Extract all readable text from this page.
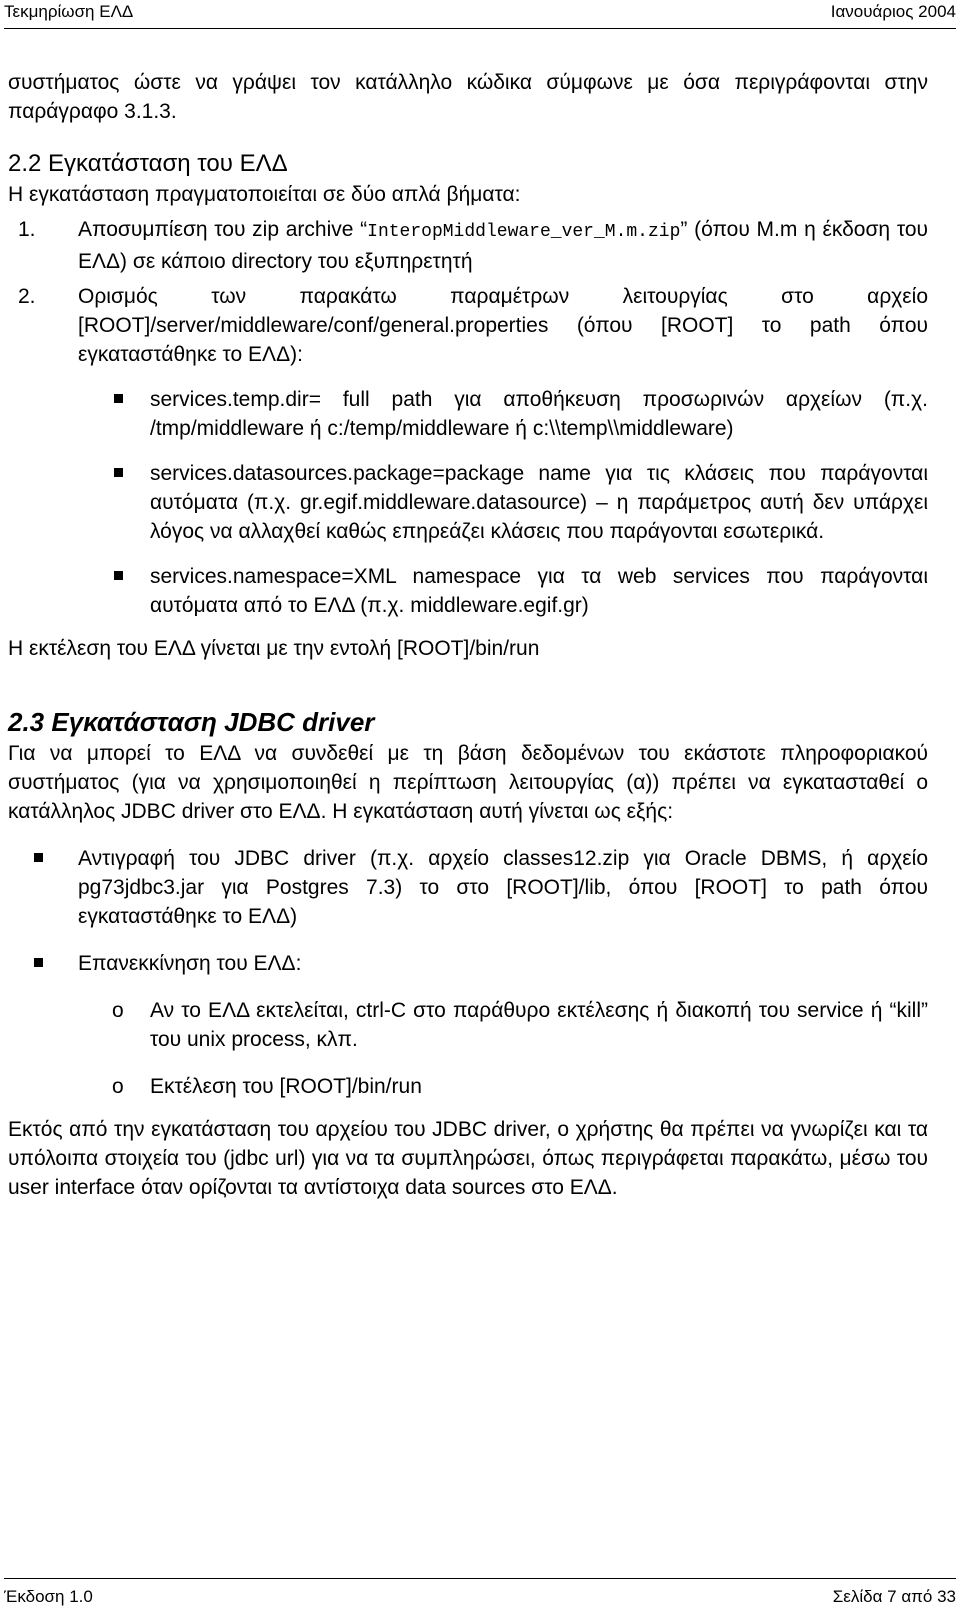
Τεκμηρίωση ΕΛΔ	Ιανουάριος 2004

συστήματος ώστε να γράψει τον κατάλληλο κώδικα σύμφωνε με όσα περιγράφονται στην παράγραφο 3.1.3.

2.2 Εγκατάσταση του ΕΛΔ

Η εγκατάσταση πραγματοποιείται σε δύο απλά βήματα:

1. Αποσυμπίεση του zip archive “InteropMiddleware_ver_M.m.zip” (όπου M.m η έκδοση του ΕΛΔ) σε κάποιο directory του εξυπηρετητή

2. Ορισμός των παρακάτω παραμέτρων λειτουργίας στο αρχείο [ROOT]/server/middleware/conf/general.properties (όπου [ROOT] το path όπου εγκαταστάθηκε το ΕΛΔ):

services.temp.dir= full path για αποθήκευση προσωρινών αρχείων (π.χ. /tmp/middleware ή c:/temp/middleware ή c:\\temp\\middleware)

services.datasources.package=package name για τις κλάσεις που παράγονται αυτόματα (π.χ. gr.egif.middleware.datasource) – η παράμετρος αυτή δεν υπάρχει λόγος να αλλαχθεί καθώς επηρεάζει κλάσεις που παράγονται εσωτερικά.

services.namespace=XML namespace για τα web services που παράγονται αυτόματα από το ΕΛΔ (π.χ. middleware.egif.gr)

Η εκτέλεση του ΕΛΔ γίνεται με την εντολή [ROOT]/bin/run

2.3 Εγκατάσταση JDBC driver

Για να μπορεί το ΕΛΔ να συνδεθεί με τη βάση δεδομένων του εκάστοτε πληροφοριακού συστήματος (για να χρησιμοποιηθεί η περίπτωση λειτουργίας (α)) πρέπει να εγκατασταθεί ο κατάλληλος JDBC driver στο ΕΛΔ. Η εγκατάσταση αυτή γίνεται ως εξής:

Αντιγραφή του JDBC driver (π.χ. αρχείο classes12.zip για Oracle DBMS, ή αρχείο pg73jdbc3.jar για Postgres 7.3) το στο [ROOT]/lib, όπου [ROOT] το path όπου εγκαταστάθηκε το ΕΛΔ)

Επανεκκίνηση του ΕΛΔ:

o Αν το ΕΛΔ εκτελείται, ctrl-C στο παράθυρο εκτέλεσης ή διακοπή του service ή “kill” του unix process, κλπ.

o Εκτέλεση του [ROOT]/bin/run

Εκτός από την εγκατάσταση του αρχείου του JDBC driver, ο χρήστης θα πρέπει να γνωρίζει και τα υπόλοιπα στοιχεία του (jdbc url) για να τα συμπληρώσει, όπως περιγράφεται παρακάτω, μέσω του user interface όταν ορίζονται τα αντίστοιχα data sources στο ΕΛΔ.

Έκδοση 1.0	Σελίδα 7 από 33
